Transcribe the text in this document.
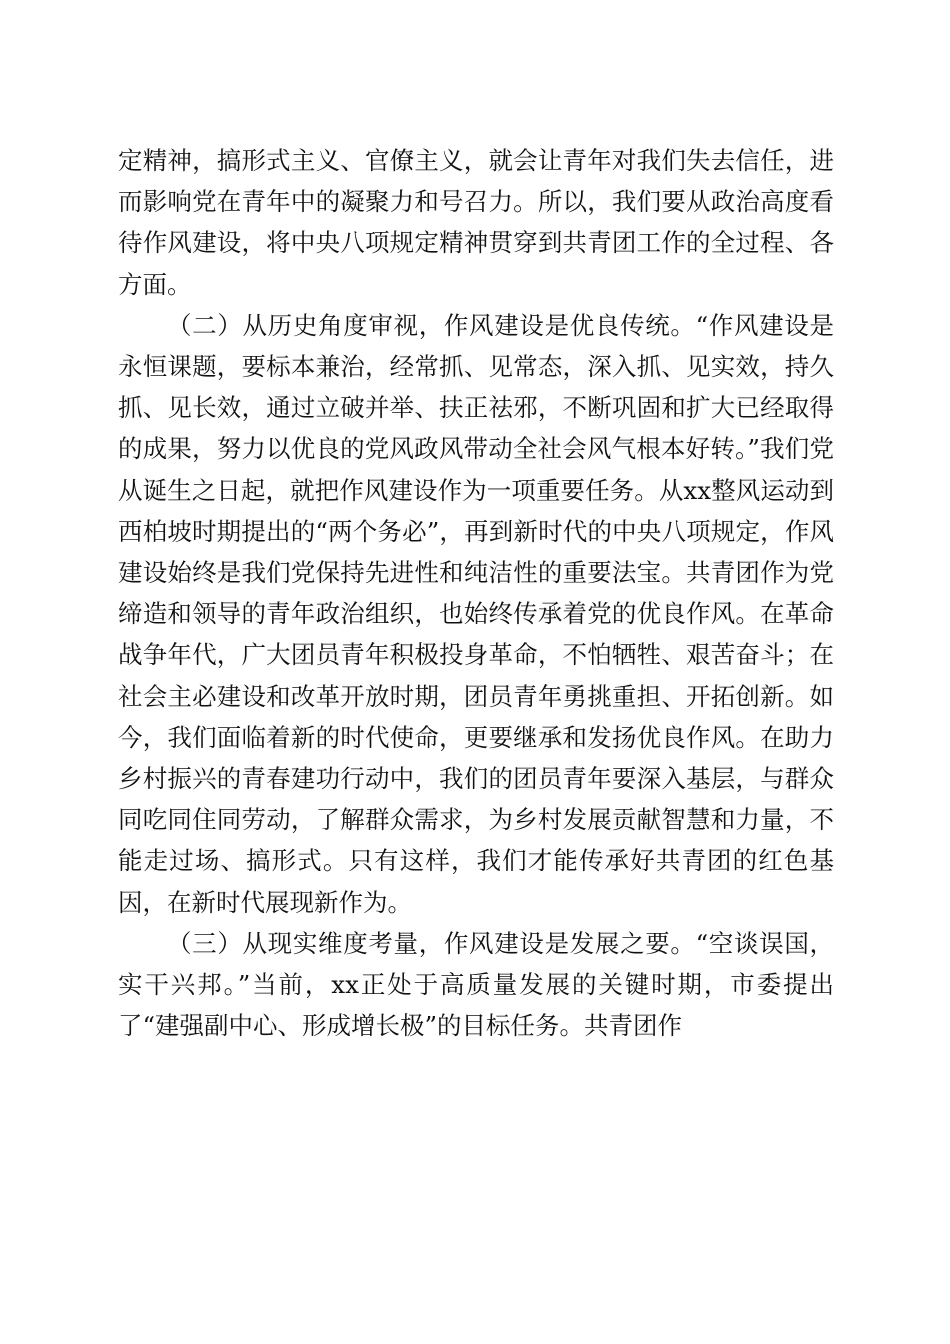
定精神，搞形式主义、官僚主义，就会让青年对我们失去信任，进而影响党在青年中的凝聚力和号召力。所以，我们要从政治高度看待作风建设，将中央八项规定精神贯穿到共青团工作的全过程、各方面。

（二）从历史角度审视，作风建设是优良传统。“作风建设是永恒课题，要标本兼治，经常抓、见常态，深入抓、见实效，持久抓、见长效，通过立破并举、扶正祛邪，不断巩固和扩大已经取得的成果，努力以优良的党风政风带动全社会风气根本好转。”我们党从诞生之日起，就把作风建设作为一项重要任务。从xx整风运动到西柏坡时期提出的“两个务必”，再到新时代的中央八项规定，作风建设始终是我们党保持先进性和纯洁性的重要法宝。共青团作为党缔造和领导的青年政治组织，也始终传承着党的优良作风。在革命战争年代，广大团员青年积极投身革命，不怕牺牲、艰苦奋斗；在社会主必建设和改革开放时期，团员青年勇挑重担、开拓创新。如今，我们面临着新的时代使命，更要继承和发扬优良作风。在助力乡村振兴的青春建功行动中，我们的团员青年要深入基层，与群众同吃同住同劳动，了解群众需求，为乡村发展贡献智慧和力量，不能走过场、搞形式。只有这样，我们才能传承好共青团的红色基因，在新时代展现新作为。

（三）从现实维度考量，作风建设是发展之要。“空谈误国，实干兴邦。”当前，xx正处于高质量发展的关键时期，市委提出了“建强副中心、形成增长极”的目标任务。共青团作
